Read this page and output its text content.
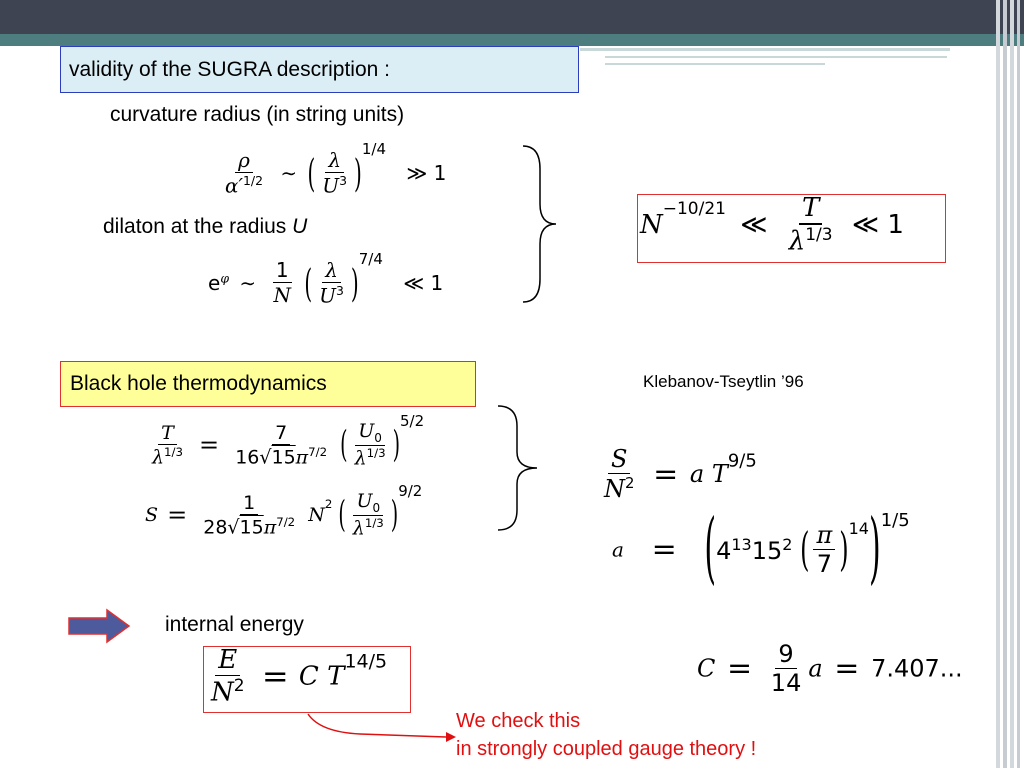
validity of the SUGRA description :
curvature radius (in string units)
$\frac{\rho}{\alpha'^{1/2}}$ ∼ ( $\frac{\lambda}{U^3} )^{1/4}$ ≫ 1
dilaton at the radius U
$e^\varphi$ ∼ $\frac{1}{N}$ ( $\frac{\lambda}{U^3} )^{7/4}$ ≪ 1
$N^{-10/21}$ ≪ $\frac{T}{\lambda^{1/3}}$ ≪ 1
Black hole thermodynamics	Klebanov-Tseytlin ’96
$\frac{T}{\lambda^{1/3}} = \frac{7}{16√15\pi^{7/2}}$ ( $\frac{U_0}{\lambda^{1/3}} )^{5/2}$
$S = \frac{1}{28√15\pi^{7/2}} N^2$ ( $\frac{U_0}{\lambda^{1/3}} )^{9/2}$	$\frac{S}{N^2} = a$ $T^{9/5}$
$a = (4^{13}15^2$ ( $\frac{\pi}{7} )^{14})^{1/5}$
internal energy
$\frac{E}{N^2} = C$ $T^{14/5}$	$C = \frac{9}{14}$ a = 7.407...
We check this
in strongly coupled gauge theory !
